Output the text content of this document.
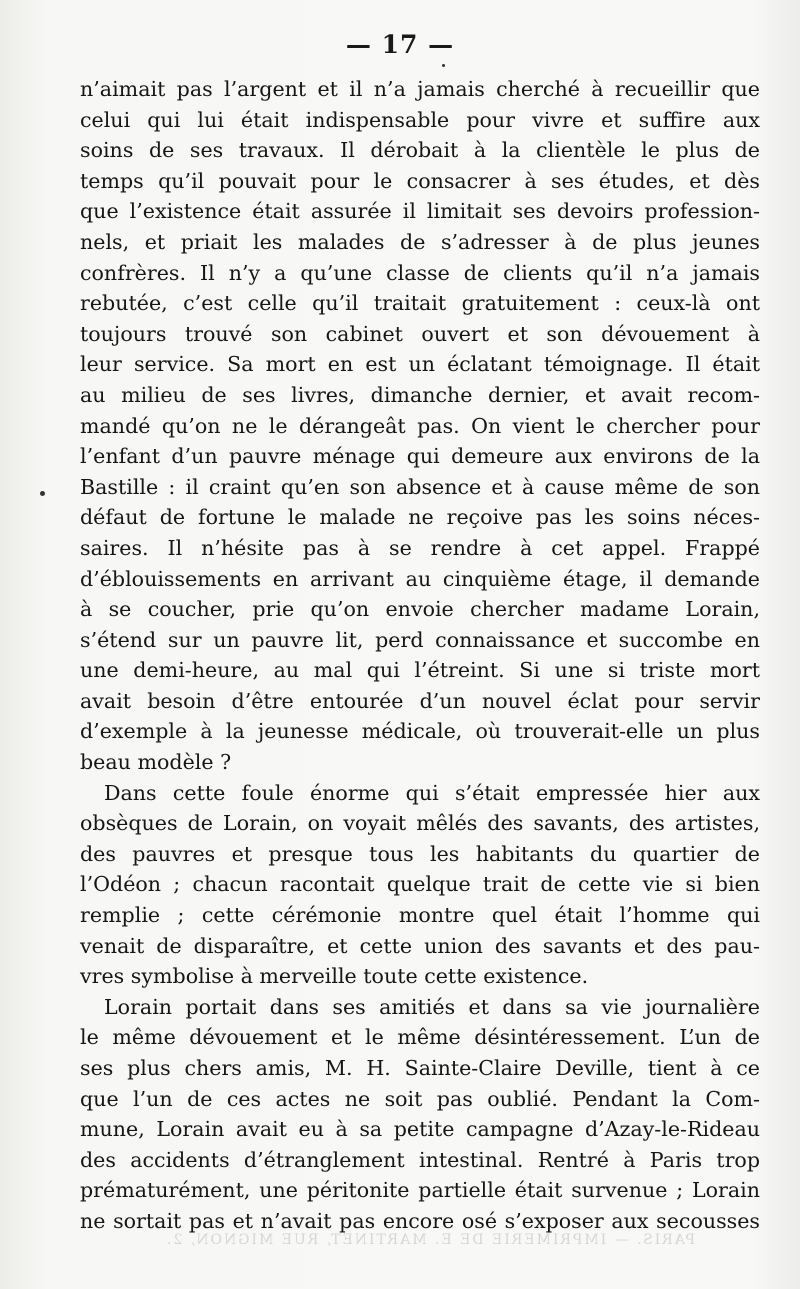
— 17 —
n’aimait pas l’argent et il n’a jamais cherché à recueillir que
celui qui lui était indispensable pour vivre et suffire aux
soins de ses travaux. Il dérobait à la clientèle le plus de
temps qu’il pouvait pour le consacrer à ses études, et dès
que l’existence était assurée il limitait ses devoirs profession-
nels, et priait les malades de s’adresser à de plus jeunes
confrères. Il n’y a qu’une classe de clients qu’il n’a jamais
rebutée, c’est celle qu’il traitait gratuitement : ceux-là ont
toujours trouvé son cabinet ouvert et son dévouement à
leur service. Sa mort en est un éclatant témoignage. Il était
au milieu de ses livres, dimanche dernier, et avait recom-
mandé qu’on ne le dérangeât pas. On vient le chercher pour
l’enfant d’un pauvre ménage qui demeure aux environs de la
Bastille : il craint qu’en son absence et à cause même de son
défaut de fortune le malade ne reçoive pas les soins néces-
saires. Il n’hésite pas à se rendre à cet appel. Frappé
d’éblouissements en arrivant au cinquième étage, il demande
à se coucher, prie qu’on envoie chercher madame Lorain,
s’étend sur un pauvre lit, perd connaissance et succombe en
une demi-heure, au mal qui l’étreint. Si une si triste mort
avait besoin d’être entourée d’un nouvel éclat pour servir
d’exemple à la jeunesse médicale, où trouverait-elle un plus
beau modèle ?
Dans cette foule énorme qui s’était empressée hier aux
obsèques de Lorain, on voyait mêlés des savants, des artistes,
des pauvres et presque tous les habitants du quartier de
l’Odéon ; chacun racontait quelque trait de cette vie si bien
remplie ; cette cérémonie montre quel était l’homme qui
venait de disparaître, et cette union des savants et des pau-
vres symbolise à merveille toute cette existence.
Lorain portait dans ses amitiés et dans sa vie journalière
le même dévouement et le même désintéressement. L’un de
ses plus chers amis, M. H. Sainte-Claire Deville, tient à ce
que l’un de ces actes ne soit pas oublié. Pendant la Com-
mune, Lorain avait eu à sa petite campagne d’Azay-le-Rideau
des accidents d’étranglement intestinal. Rentré à Paris trop
prématurément, une péritonite partielle était survenue ; Lorain
ne sortait pas et n’avait pas encore osé s’exposer aux secousses
PARIS. — IMPRIMERIE DE E. MARTINET, RUE MIGNON, 2.
